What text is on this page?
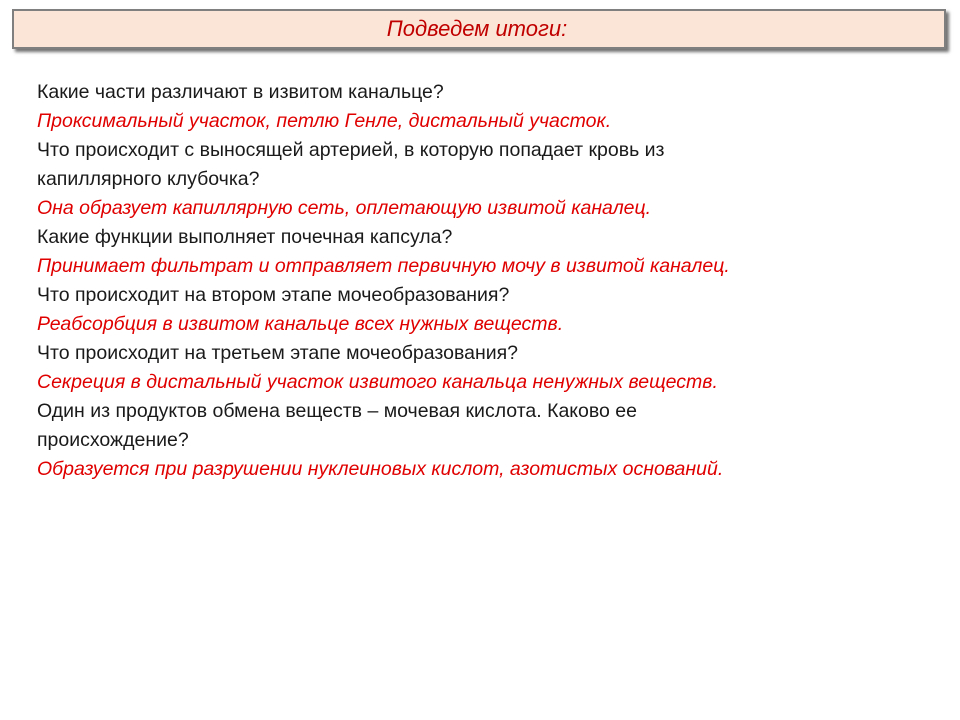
Подведем итоги:
Какие части различают в извитом канальце?
Проксимальный участок, петлю Генле, дистальный участок.
Что происходит с выносящей артерией, в которую попадает кровь из
капиллярного клубочка?
Она образует капиллярную сеть, оплетающую извитой каналец.
Какие функции выполняет почечная капсула?
Принимает фильтрат и отправляет первичную мочу в извитой каналец.
Что происходит на втором этапе мочеобразования?
Реабсорбция в извитом канальце всех нужных веществ.
Что происходит на третьем этапе мочеобразования?
Секреция в дистальный участок извитого канальца ненужных веществ.
Один из продуктов обмена веществ – мочевая кислота. Каково ее
происхождение?
Образуется при разрушении нуклеиновых кислот, азотистых оснований.
